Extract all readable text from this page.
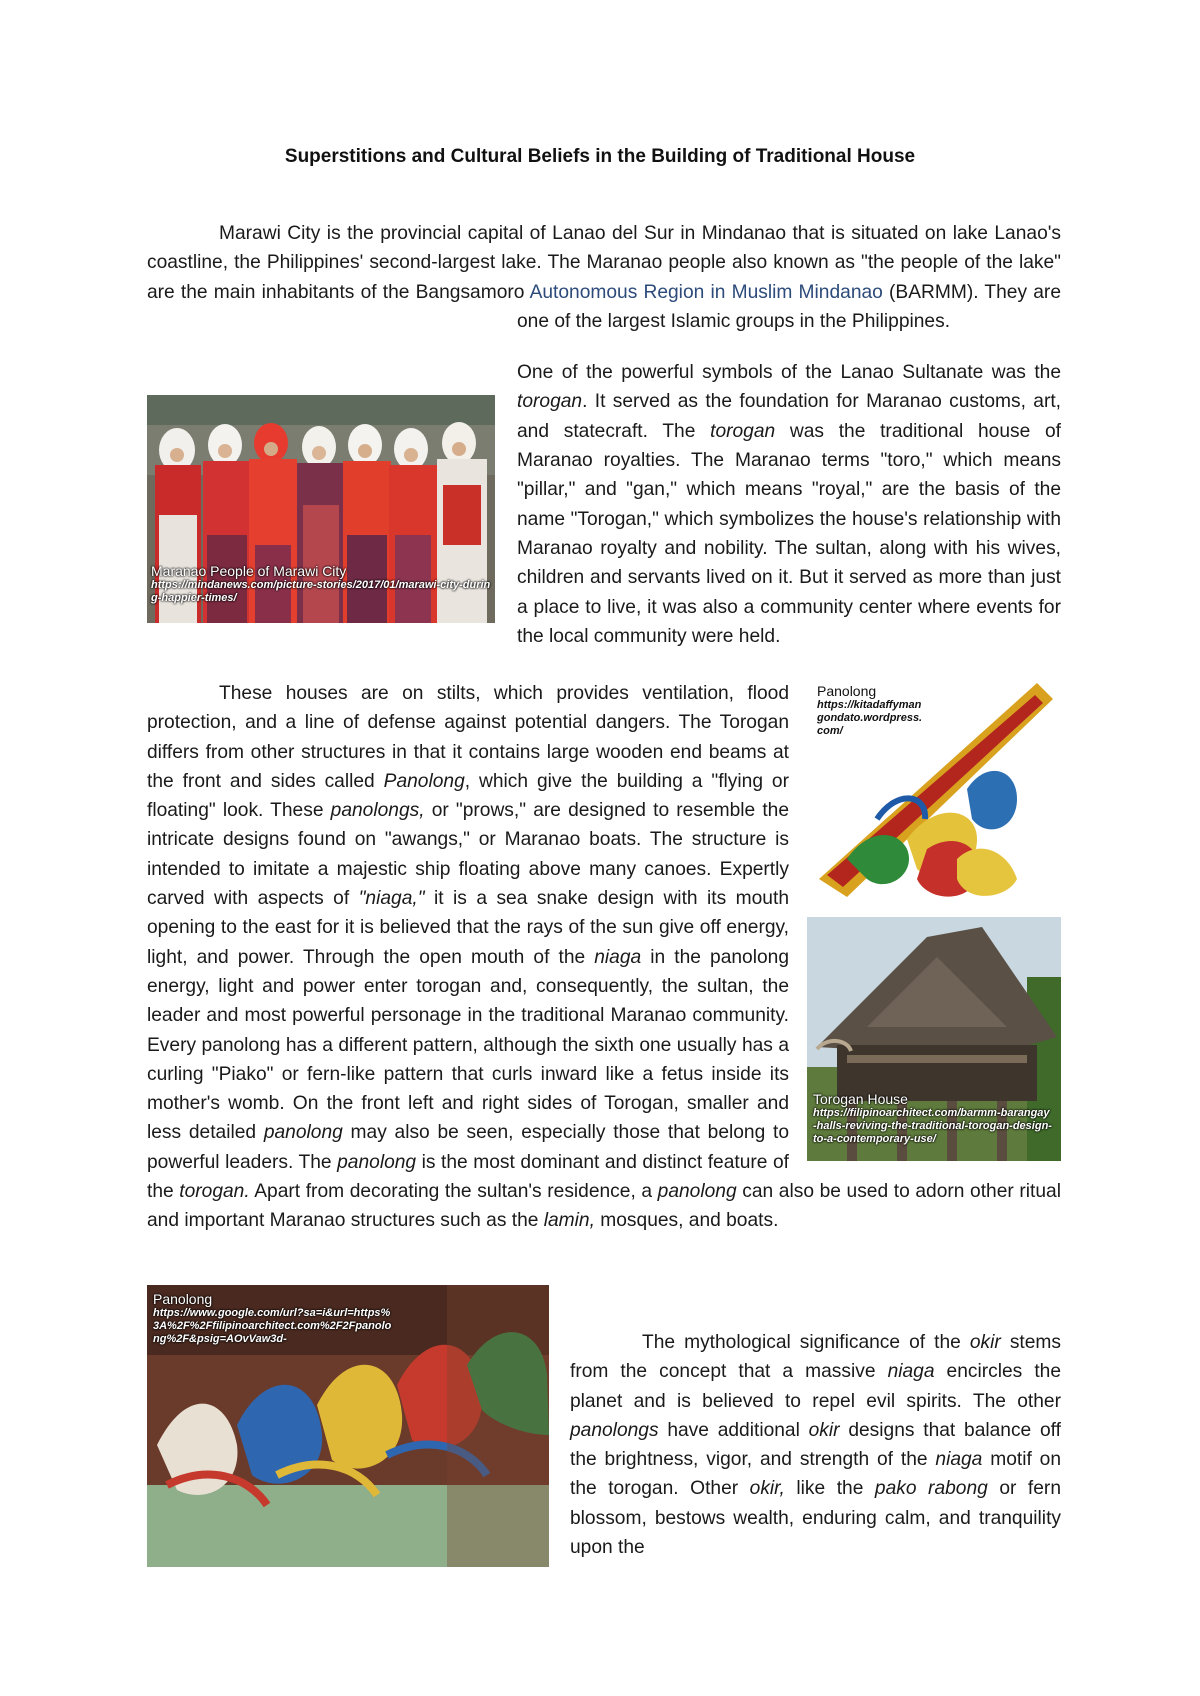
Superstitions and Cultural Beliefs in the Building of Traditional House
Maranao People of Marawi City
https://mindanews.com/picture-stories/2017/01/marawi-city-during-happier-times/

Marawi City is the provincial capital of Lanao del Sur in Mindanao that is situated on lake Lanao's coastline, the Philippines' second-largest lake. The Maranao people also known as "the people of the lake" are the main inhabitants of the Bangsamoro Autonomous Region in Muslim Mindanao (BARMM). They are one of the largest Islamic groups in the Philippines.

One of the powerful symbols of the Lanao Sultanate was the torogan. It served as the foundation for Maranao customs, art, and statecraft. The torogan was the traditional house of Maranao royalties. The Maranao terms "toro," which means "pillar," and "gan," which means "royal," are the basis of the name "Torogan," which symbolizes the house's relationship with Maranao royalty and nobility. The sultan, along with his wives, children and servants lived on it. But it served as more than just a place to live, it was also a community center where events for the local community were held.

Panolong
https://kitadaffymangondato.wordpress.com/
Torogan House
https://filipinoarchitect.com/barmm-barangay-halls-reviving-the-traditional-torogan-design-to-a-contemporary-use/

These houses are on stilts, which provides ventilation, flood protection, and a line of defense against potential dangers. The Torogan differs from other structures in that it contains large wooden end beams at the front and sides called Panolong, which give the building a "flying or floating" look. These panolongs, or "prows," are designed to resemble the intricate designs found on "awangs," or Maranao boats. The structure is intended to imitate a majestic ship floating above many canoes. Expertly carved with aspects of "niaga," it is a sea snake design with its mouth opening to the east for it is believed that the rays of the sun give off energy, light, and power. Through the open mouth of the niaga in the panolong energy, light and power enter torogan and, consequently, the sultan, the leader and most powerful personage in the traditional Maranao community. Every panolong has a different pattern, although the sixth one usually has a curling "Piako" or fern-like pattern that curls inward like a fetus inside its mother's womb. On the front left and right sides of Torogan, smaller and less detailed panolong may also be seen, especially those that belong to powerful leaders. The panolong is the most dominant and distinct feature of the torogan. Apart from decorating the sultan's residence, a panolong can also be used to adorn other ritual and important Maranao structures such as the lamin, mosques, and boats.

Panolong
https://www.google.com/url?sa=i&url=https%3A%2F%2Ffilipinoarchitect.com%2F2Fpanolong%2F&psig=AOvVaw3d-	The mythological significance of the okir stems from the concept that a massive niaga encircles the planet and is believed to repel evil spirits. The other panolongs have additional okir designs that balance off the brightness, vigor, and strength of the niaga motif on the torogan. Other okir, like the pako rabong or fern blossom, bestows wealth, enduring calm, and tranquility upon the
